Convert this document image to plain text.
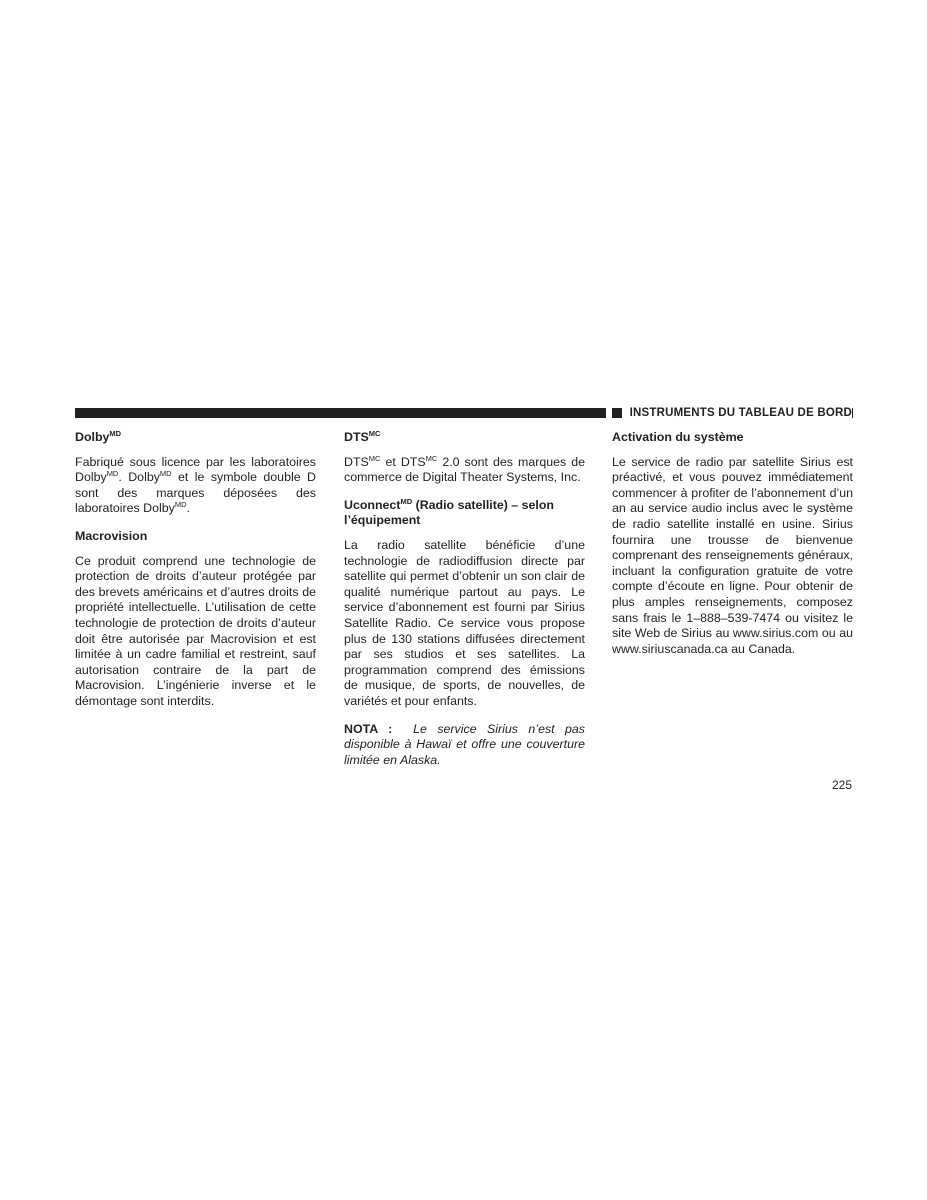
INSTRUMENTS DU TABLEAU DE BORD
Dolby$^{MD}$

Fabriqué sous licence par les laboratoires Dolby$^{MD}$. Dolby$^{MD}$ et le symbole double D sont des marques déposées des laboratoires Dolby$^{MD}$.

Macrovision

Ce produit comprend une technologie de protection de droits d’auteur protégée par des brevets américains et d’autres droits de propriété intellectuelle. L’utilisation de cette technologie de protection de droits d’auteur doit être autorisée par Macrovision et est limitée à un cadre familial et restreint, sauf autorisation contraire de la part de Macrovision. L’ingénierie inverse et le démontage sont interdits.

$DTS^{MC}$

$DTS^{MC}$ et $DTS^{MC}$ 2.0 sont des marques de commerce de Digital Theater Systems, Inc.

Uconnect$^{MD}$ (Radio satellite) – selon l’équipement

La radio satellite bénéficie d’une technologie de radiodiffusion directe par satellite qui permet d’obtenir un son clair de qualité numérique partout au pays. Le service d’abonnement est fourni par Sirius Satellite Radio. Ce service vous propose plus de 130 stations diffusées directement par ses studios et ses satellites. La programmation comprend des émissions de musique, de sports, de nouvelles, de variétés et pour enfants.

NOTA : Le service Sirius n’est pas disponible à Hawaï et offre une couverture limitée en Alaska.

Activation du système

Le service de radio par satellite Sirius est préactivé, et vous pouvez immédiatement commencer à profiter de l’abonnement d’un an au service audio inclus avec le système de radio satellite installé en usine. Sirius fournira une trousse de bienvenue comprenant des renseignements généraux, incluant la configuration gratuite de votre compte d’écoute en ligne. Pour obtenir de plus amples renseignements, composez sans frais le 1–888–539-7474 ou visitez le site Web de Sirius au www.sirius.com ou au www.siriuscanada.ca au Canada.

225
